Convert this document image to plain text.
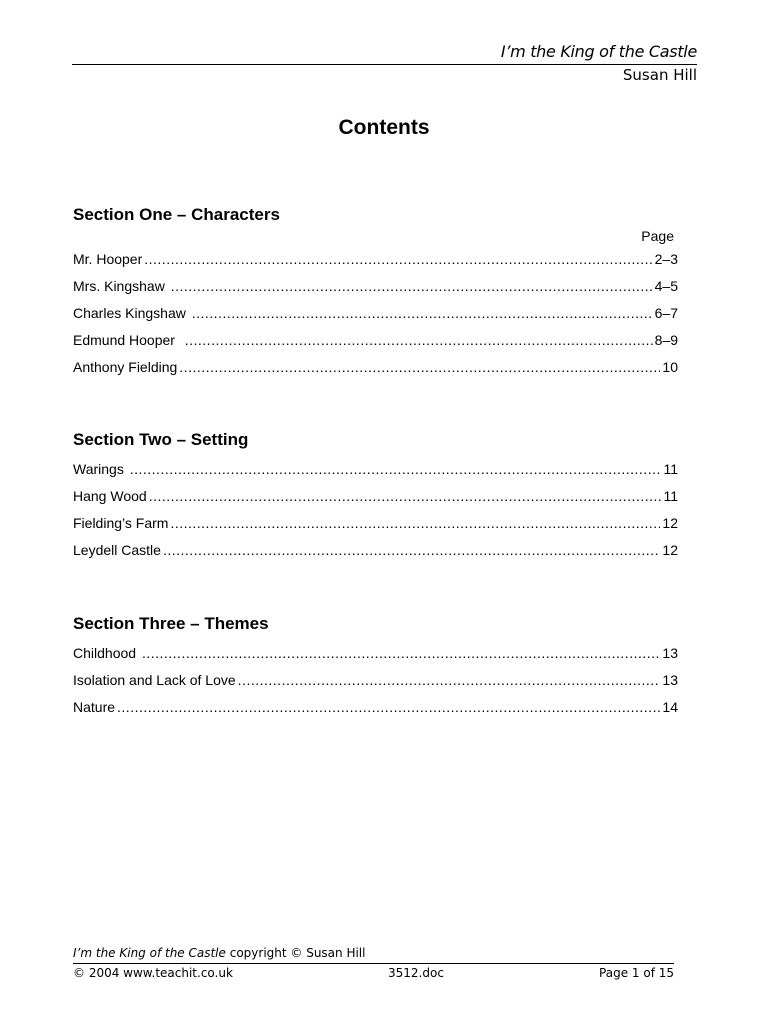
I’m the King of the Castle
Susan Hill
Contents
Section One – Characters
Page
Mr. Hooper .....	2–3
Mrs. Kingshaw .....	4–5
Charles Kingshaw .....	6–7
Edmund Hooper .....	8–9
Anthony Fielding .....	10
Section Two – Setting
Warings .....	11
Hang Wood .....	11
Fielding’s Farm .....	12
Leydell Castle .....	12
Section Three – Themes
Childhood .....	13
Isolation and Lack of Love .....	13
Nature .....	14
I’m the King of the Castle copyright © Susan Hill
© 2004 www.teachit.co.uk	3512.doc	Page 1 of 15
